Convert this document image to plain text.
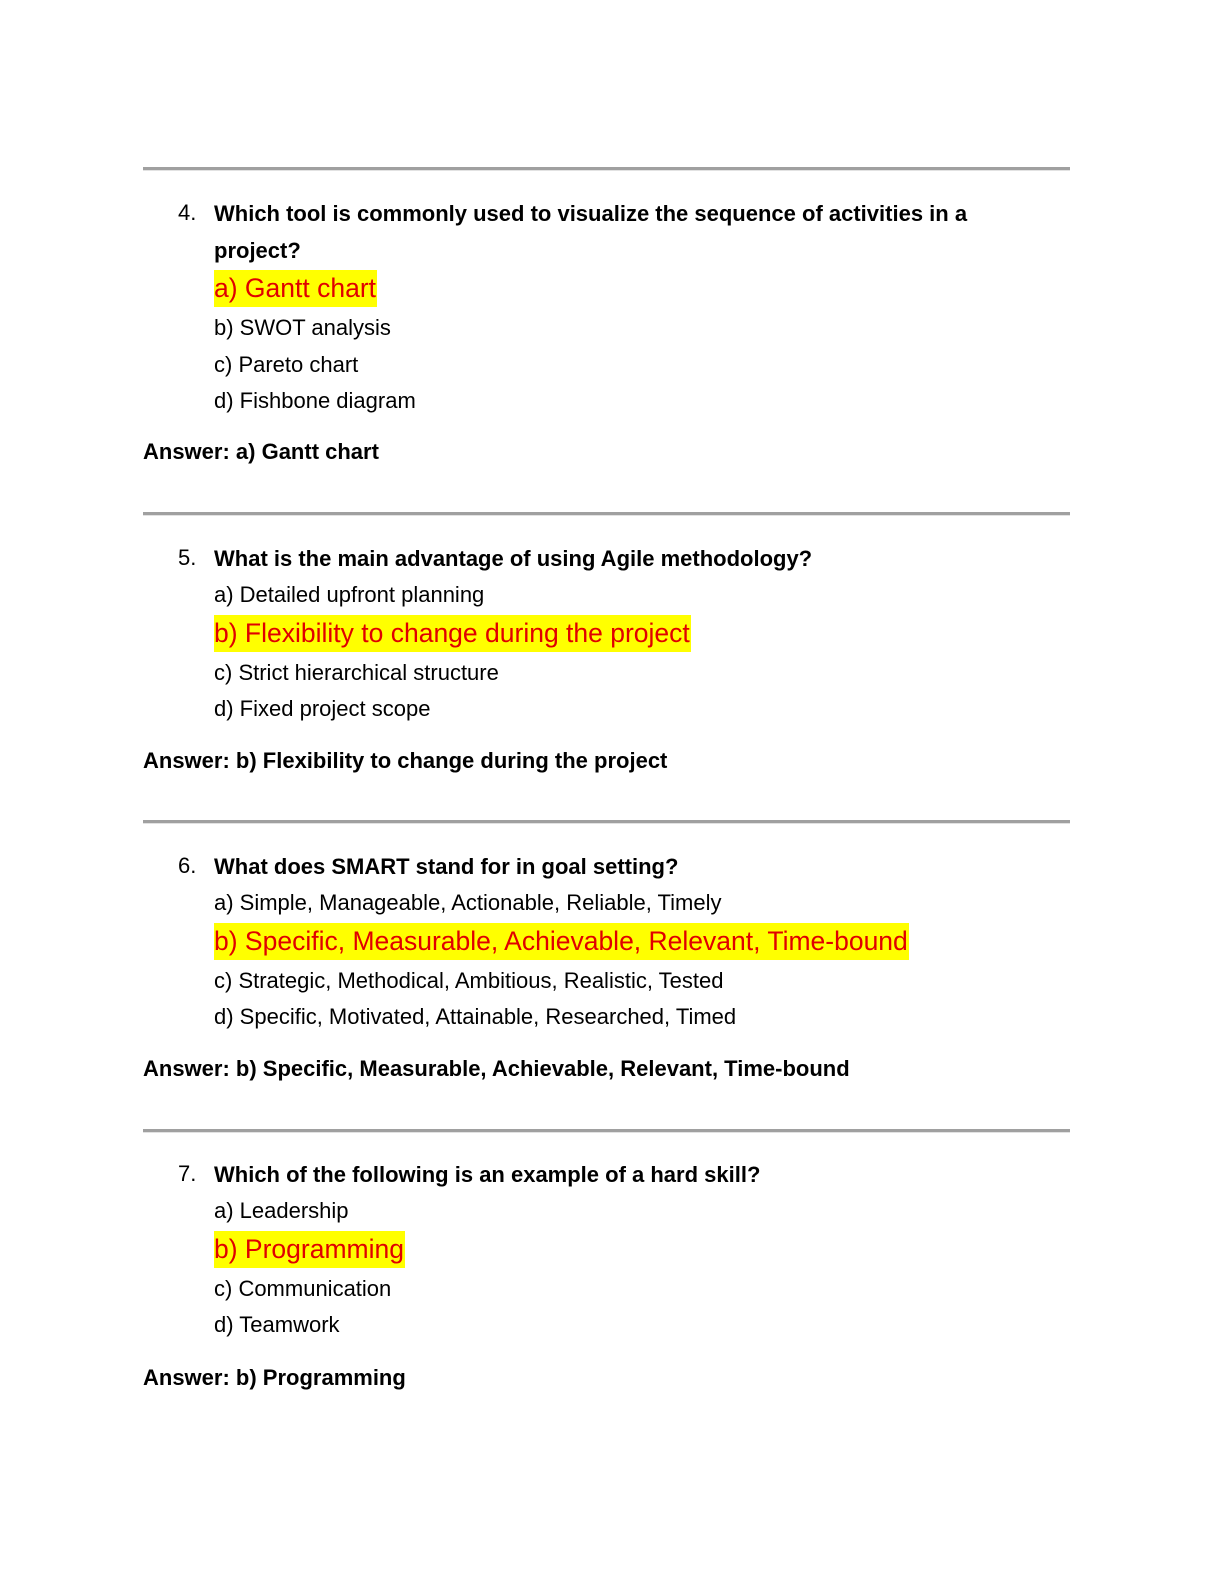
4. Which tool is commonly used to visualize the sequence of activities in a project?
a) Gantt chart
b) SWOT analysis
c) Pareto chart
d) Fishbone diagram
Answer: a) Gantt chart
5. What is the main advantage of using Agile methodology?
a) Detailed upfront planning
b) Flexibility to change during the project
c) Strict hierarchical structure
d) Fixed project scope
Answer: b) Flexibility to change during the project
6. What does SMART stand for in goal setting?
a) Simple, Manageable, Actionable, Reliable, Timely
b) Specific, Measurable, Achievable, Relevant, Time-bound
c) Strategic, Methodical, Ambitious, Realistic, Tested
d) Specific, Motivated, Attainable, Researched, Timed
Answer: b) Specific, Measurable, Achievable, Relevant, Time-bound
7. Which of the following is an example of a hard skill?
a) Leadership
b) Programming
c) Communication
d) Teamwork
Answer: b) Programming
